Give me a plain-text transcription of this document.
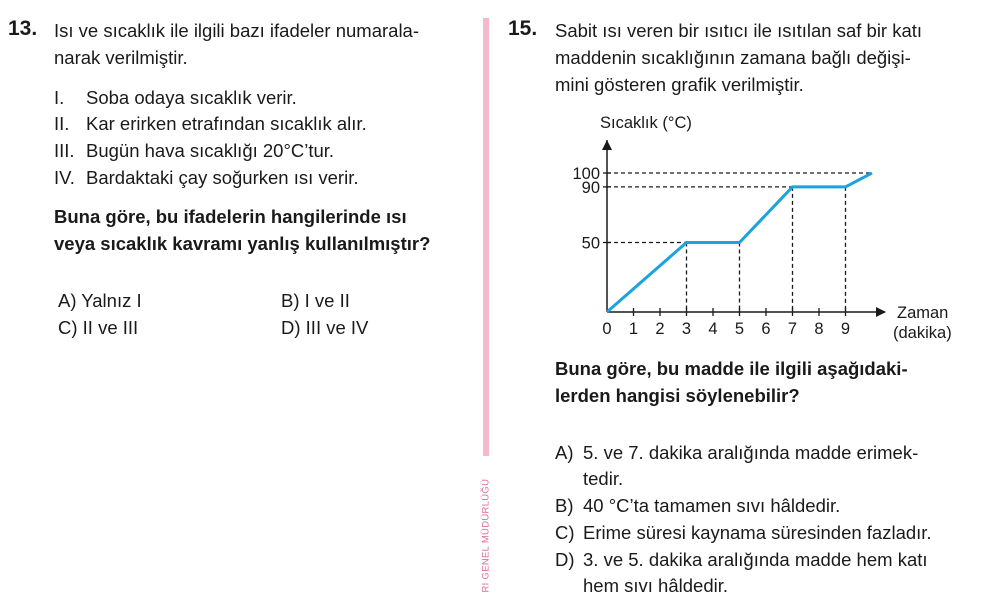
13. Isı ve sıcaklık ile ilgili bazı ifadeler numarala-
narak verilmiştir.
I. Soba odaya sıcaklık verir.
II. Kar erirken etrafından sıcaklık alır.
III. Bugün hava sıcaklığı 20°C’tur.
IV. Bardaktaki çay soğurken ısı verir.
Buna göre, bu ifadelerin hangilerinde ısı
veya sıcaklık kavramı yanlış kullanılmıştır?
A) Yalnız I	B) I ve II
C) II ve III	D) III ve IV
RI GENEL MÜDÜRLÜĞÜ
15. Sabit ısı veren bir ısıtıcı ile ısıtılan saf bir katı
maddenin sıcaklığının zamana bağlı değişi-
mini gösteren grafik verilmiştir.
Sıcaklık (°C)
Zaman
(dakika)
0 1 2 3 4 5 6 7 8 9
50
90
100
Buna göre, bu madde ile ilgili aşağıdaki-
lerden hangisi söylenebilir?
A) 5. ve 7. dakika aralığında madde erimek-
tedir.
B) 40 °C’ta tamamen sıvı hâldedir.
C) Erime süresi kaynama süresinden fazladır.
D) 3. ve 5. dakika aralığında madde hem katı
hem sıvı hâldedir.
